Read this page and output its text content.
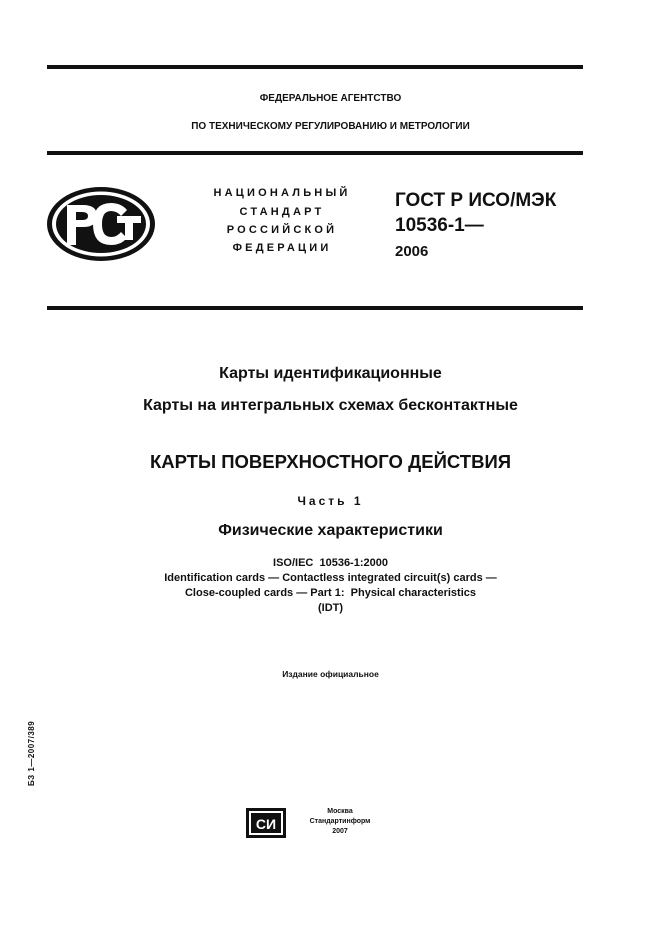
ФЕДЕРАЛЬНОЕ АГЕНТСТВО
ПО ТЕХНИЧЕСКОМУ РЕГУЛИРОВАНИЮ И МЕТРОЛОГИИ
НАЦИОНАЛЬНЫЙ
СТАНДАРТ
РОССИЙСКОЙ
ФЕДЕРАЦИИ
ГОСТ Р ИСО/МЭК
10536-1—
2006
Карты идентификационные
Карты на интегральных схемах бесконтактные
КАРТЫ ПОВЕРХНОСТНОГО ДЕЙСТВИЯ
Часть 1
Физические характеристики
ISO/IEC  10536-1:2000
Identification cards — Contactless integrated circuit(s) cards —
Close-coupled cards — Part 1:  Physical characteristics
(IDT)
Издание официальное
БЗ 1—2007/389
СИ
Москва
Стандартинформ
2007
